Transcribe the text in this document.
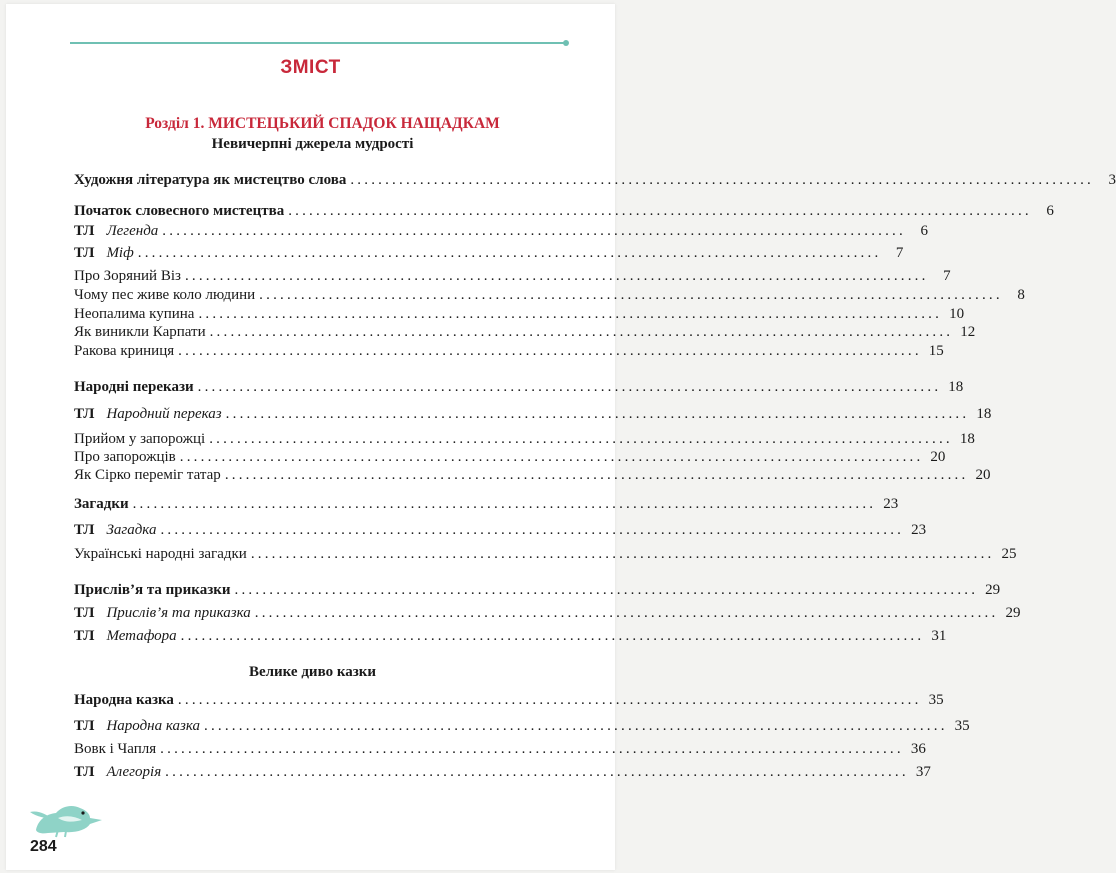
ЗМІСТ
Розділ 1. МИСТЕЦЬКИЙ СПАДОК НАЩАДКАМ
Невичерпні джерела мудрості
Художня література як мистецтво слова ........................................................................................................... 3
Початок словесного мистецтва ........................................................................................................... 6
ТЛ Легенда ........................................................................................................... 6
ТЛ Міф ........................................................................................................... 7
Про Зоряний Віз ........................................................................................................... 7
Чому пес живе коло людини ........................................................................................................... 8
Неопалима купина ........................................................................................................... 10
Як виникли Карпати ........................................................................................................... 12
Ракова криниця ........................................................................................................... 15
Народні перекази ........................................................................................................... 18
ТЛ Народний переказ ........................................................................................................... 18
Прийом у запорожці ........................................................................................................... 18
Про запорожців ........................................................................................................... 20
Як Сірко переміг татар ........................................................................................................... 20
Загадки ........................................................................................................... 23
ТЛ Загадка ........................................................................................................... 23
Українські народні загадки ........................................................................................................... 25
Прислів’я та приказки ........................................................................................................... 29
ТЛ Прислів’я та приказка ........................................................................................................... 29
ТЛ Метафора ........................................................................................................... 31
Велике диво казки
Народна казка ........................................................................................................... 35
ТЛ Народна казка ........................................................................................................... 35
Вовк і Чапля ........................................................................................................... 36
ТЛ Алегорія ........................................................................................................... 37
284
